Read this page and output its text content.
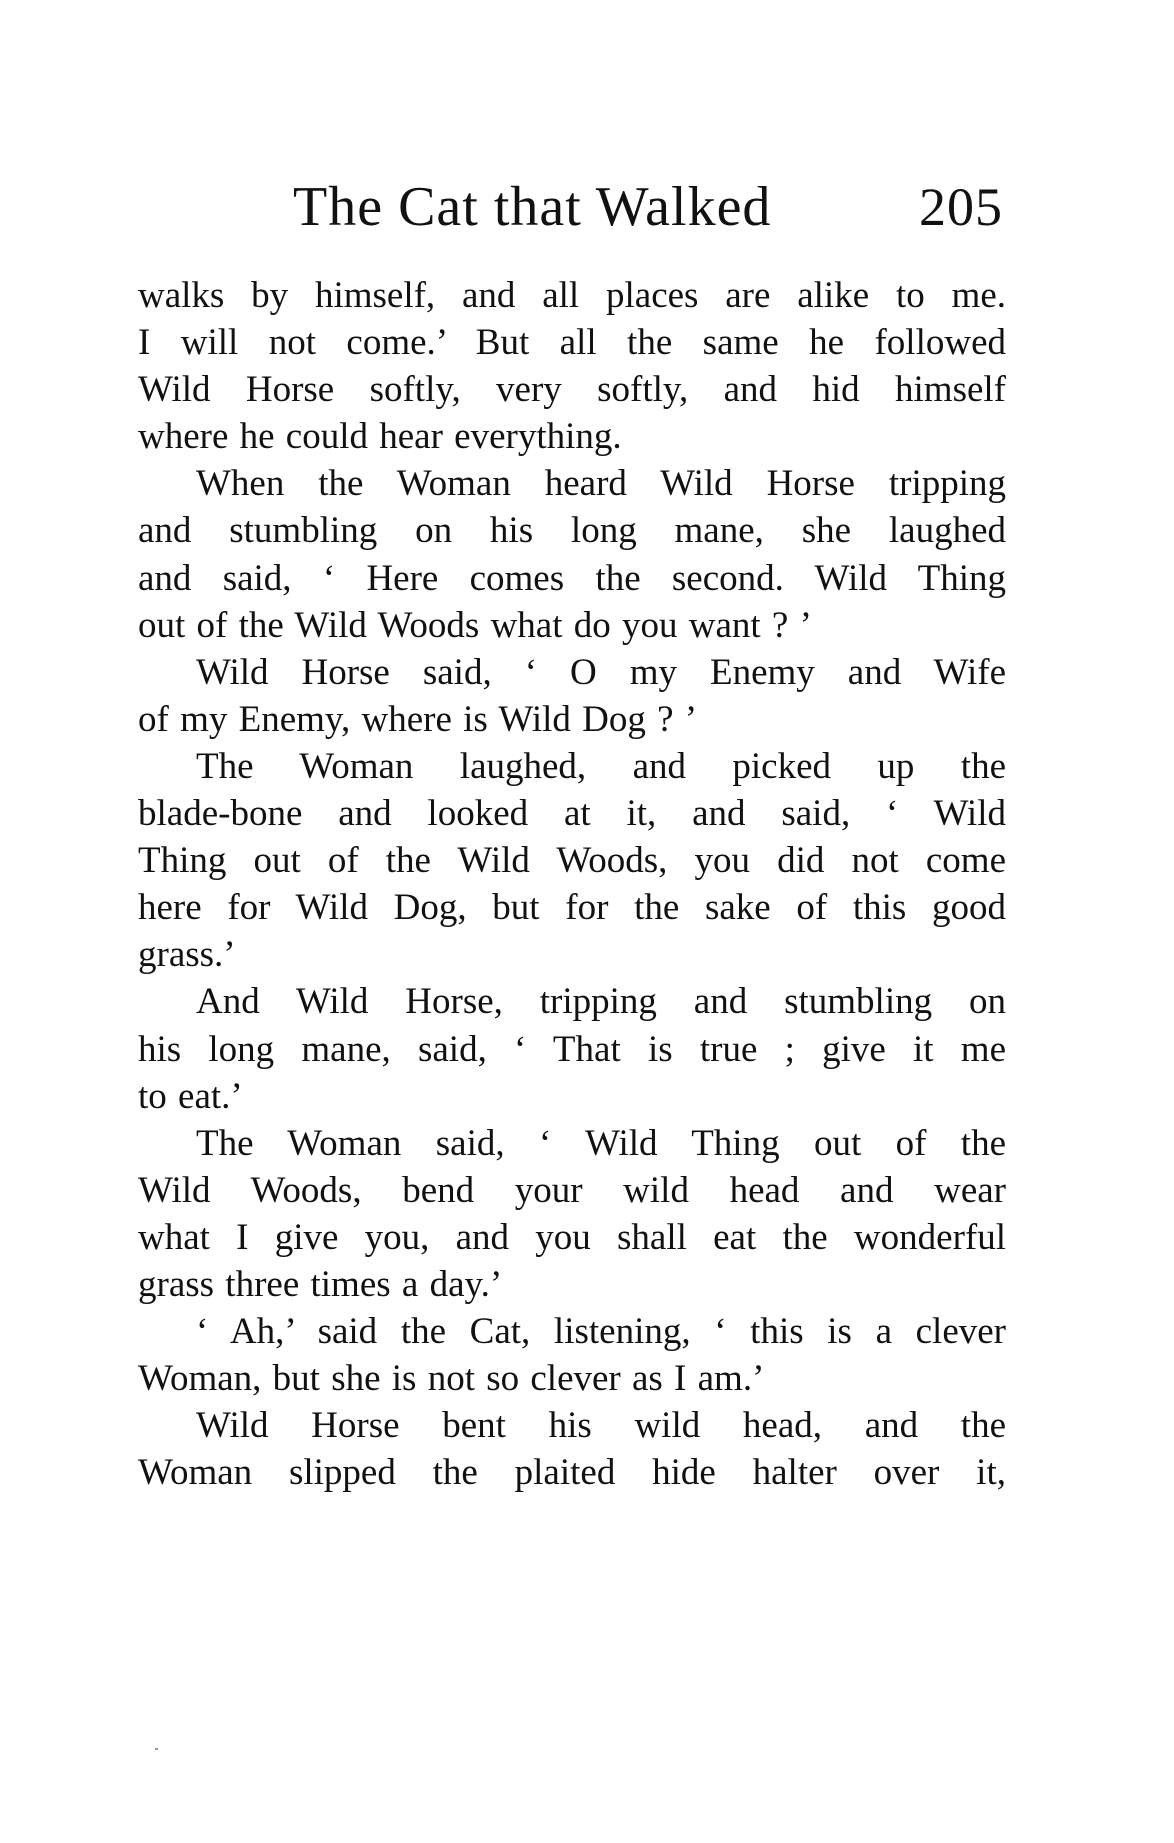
The Cat that Walked	205
walks by himself, and all places are alike to me.
I will not come.’ But all the same he followed
Wild Horse softly, very softly, and hid himself
where he could hear everything.
When the Woman heard Wild Horse tripping
and stumbling on his long mane, she laughed
and said, ‘ Here comes the second. Wild Thing
out of the Wild Woods what do you want ? ’
Wild Horse said, ‘ O my Enemy and Wife
of my Enemy, where is Wild Dog ? ’
The Woman laughed, and picked up the
blade-bone and looked at it, and said, ‘ Wild
Thing out of the Wild Woods, you did not come
here for Wild Dog, but for the sake of this good
grass.’
And Wild Horse, tripping and stumbling on
his long mane, said, ‘ That is true ; give it me
to eat.’
The Woman said, ‘ Wild Thing out of the
Wild Woods, bend your wild head and wear
what I give you, and you shall eat the wonderful
grass three times a day.’
‘ Ah,’ said the Cat, listening, ‘ this is a clever
Woman, but she is not so clever as I am.’
Wild Horse bent his wild head, and the
Woman slipped the plaited hide halter over it,
